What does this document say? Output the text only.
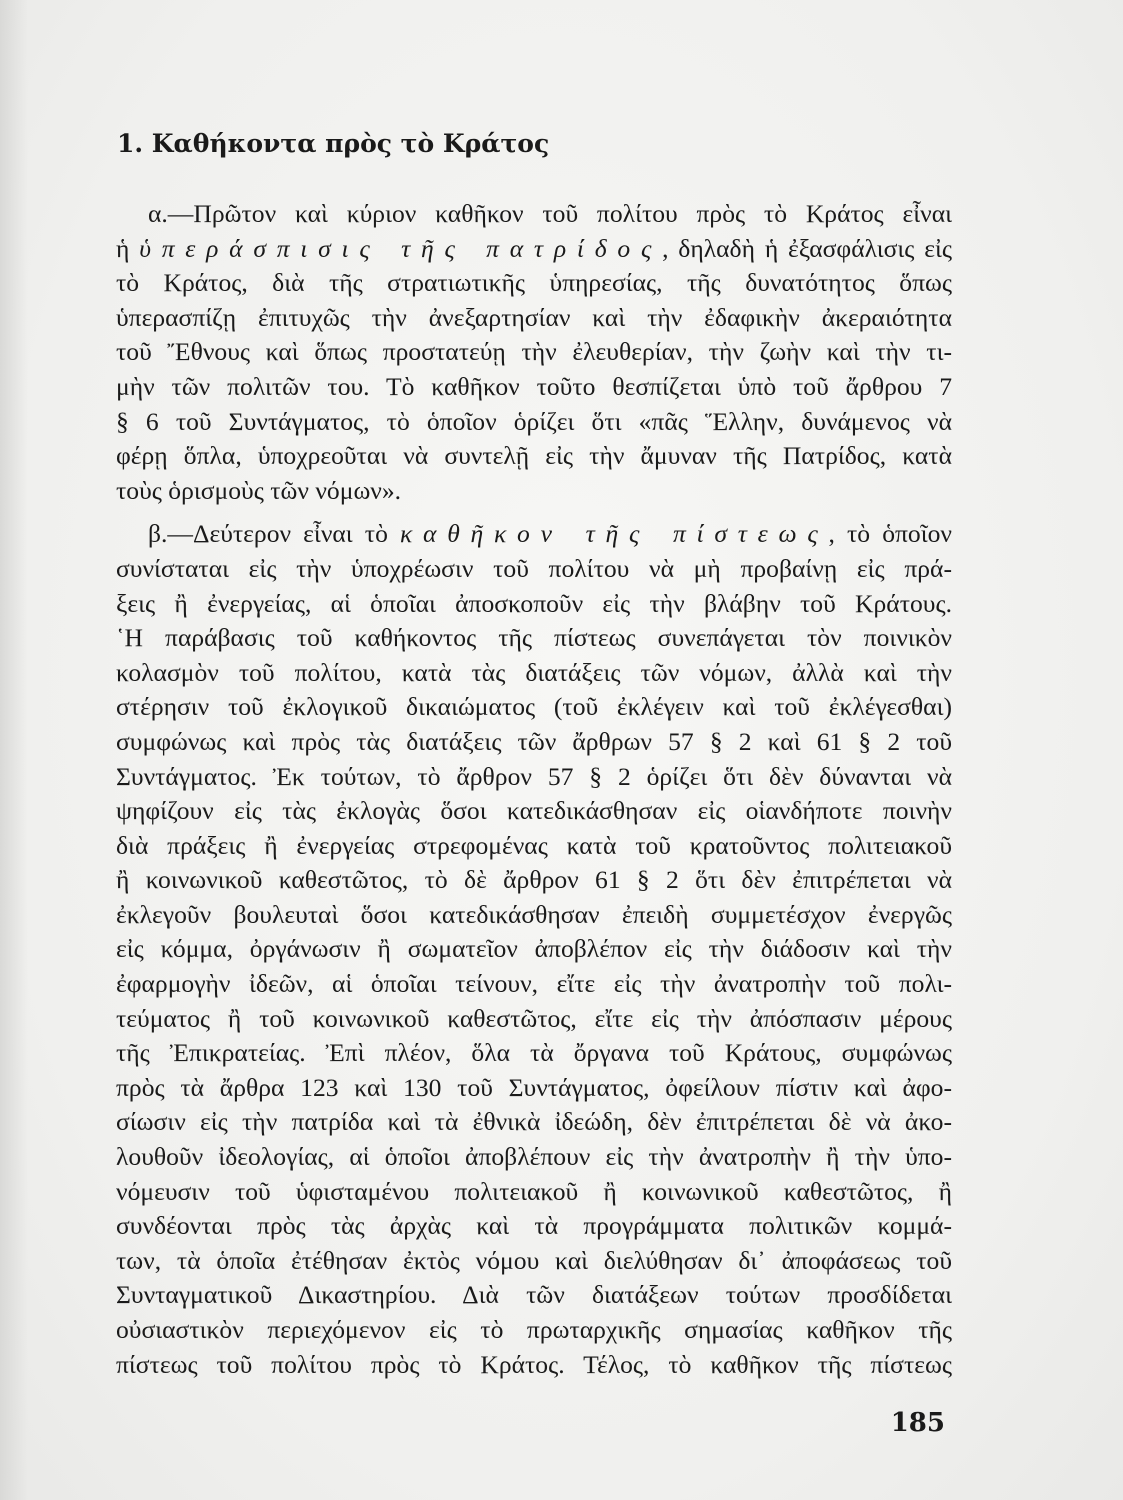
1. Καθήκοντα πρὸς τὸ Κράτος
α.—Πρῶτον καὶ κύριον καθῆκον τοῦ πολίτου πρὸς τὸ Κράτος εἶναι
ἡ ὑπεράσπισις τῆς πατρίδος, δηλαδὴ ἡ ἐξασφάλισις εἰς
τὸ Κράτος, διὰ τῆς στρατιωτικῆς ὑπηρεσίας, τῆς δυνατότητος ὅπως
ὑπερασπίζῃ ἐπιτυχῶς τὴν ἀνεξαρτησίαν καὶ τὴν ἐδαφικὴν ἀκεραιότητα
τοῦ Ἔθνους καὶ ὅπως προστατεύῃ τὴν ἐλευθερίαν, τὴν ζωὴν καὶ τὴν τι-
μὴν τῶν πολιτῶν του. Τὸ καθῆκον τοῦτο θεσπίζεται ὑπὸ τοῦ ἄρθρου 7
§ 6 τοῦ Συντάγματος, τὸ ὁποῖον ὁρίζει ὅτι «πᾶς Ἕλλην, δυνάμενος νὰ
φέρῃ ὅπλα, ὑποχρεοῦται νὰ συντελῇ εἰς τὴν ἄμυναν τῆς Πατρίδος, κατὰ
τοὺς ὁρισμοὺς τῶν νόμων».
β.—Δεύτερον εἶναι τὸ καθῆκον τῆς πίστεως, τὸ ὁποῖον
συνίσταται εἰς τὴν ὑποχρέωσιν τοῦ πολίτου νὰ μὴ προβαίνῃ εἰς πρά-
ξεις ἢ ἐνεργείας, αἱ ὁποῖαι ἀποσκοποῦν εἰς τὴν βλάβην τοῦ Κράτους.
῾Η παράβασις τοῦ καθήκοντος τῆς πίστεως συνεπάγεται τὸν ποινικὸν
κολασμὸν τοῦ πολίτου, κατὰ τὰς διατάξεις τῶν νόμων, ἀλλὰ καὶ τὴν
στέρησιν τοῦ ἐκλογικοῦ δικαιώματος (τοῦ ἐκλέγειν καὶ τοῦ ἐκλέγεσθαι)
συμφώνως καὶ πρὸς τὰς διατάξεις τῶν ἄρθρων 57 § 2 καὶ 61 § 2 τοῦ
Συντάγματος. Ἐκ τούτων, τὸ ἄρθρον 57 § 2 ὁρίζει ὅτι δὲν δύνανται νὰ
ψηφίζουν εἰς τὰς ἐκλογὰς ὅσοι κατεδικάσθησαν εἰς οἱανδήποτε ποινὴν
διὰ πράξεις ἢ ἐνεργείας στρεφομένας κατὰ τοῦ κρατοῦντος πολιτειακοῦ
ἢ κοινωνικοῦ καθεστῶτος, τὸ δὲ ἄρθρον 61 § 2 ὅτι δὲν ἐπιτρέπεται νὰ
ἐκλεγοῦν βουλευταὶ ὅσοι κατεδικάσθησαν ἐπειδὴ συμμετέσχον ἐνεργῶς
εἰς κόμμα, ὀργάνωσιν ἢ σωματεῖον ἀποβλέπον εἰς τὴν διάδοσιν καὶ τὴν
ἐφαρμογὴν ἰδεῶν, αἱ ὁποῖαι τείνουν, εἴτε εἰς τὴν ἀνατροπὴν τοῦ πολι-
τεύματος ἢ τοῦ κοινωνικοῦ καθεστῶτος, εἴτε εἰς τὴν ἀπόσπασιν μέρους
τῆς Ἐπικρατείας. Ἐπὶ πλέον, ὅλα τὰ ὄργανα τοῦ Κράτους, συμφώνως
πρὸς τὰ ἄρθρα 123 καὶ 130 τοῦ Συντάγματος, ὀφείλουν πίστιν καὶ ἀφο-
σίωσιν εἰς τὴν πατρίδα καὶ τὰ ἐθνικὰ ἰδεώδη, δὲν ἐπιτρέπεται δὲ νὰ ἀκο-
λουθοῦν ἰδεολογίας, αἱ ὁποῖοι ἀποβλέπουν εἰς τὴν ἀνατροπὴν ἢ τὴν ὑπο-
νόμευσιν τοῦ ὑφισταμένου πολιτειακοῦ ἢ κοινωνικοῦ καθεστῶτος, ἢ
συνδέονται πρὸς τὰς ἀρχὰς καὶ τὰ προγράμματα πολιτικῶν κομμά-
των, τὰ ὁποῖα ἐτέθησαν ἐκτὸς νόμου καὶ διελύθησαν δι᾿ ἀποφάσεως τοῦ
Συνταγματικοῦ Δικαστηρίου. Διὰ τῶν διατάξεων τούτων προσδίδεται
οὐσιαστικὸν περιεχόμενον εἰς τὸ πρωταρχικῆς σημασίας καθῆκον τῆς
πίστεως τοῦ πολίτου πρὸς τὸ Κράτος. Τέλος, τὸ καθῆκον τῆς πίστεως
185
